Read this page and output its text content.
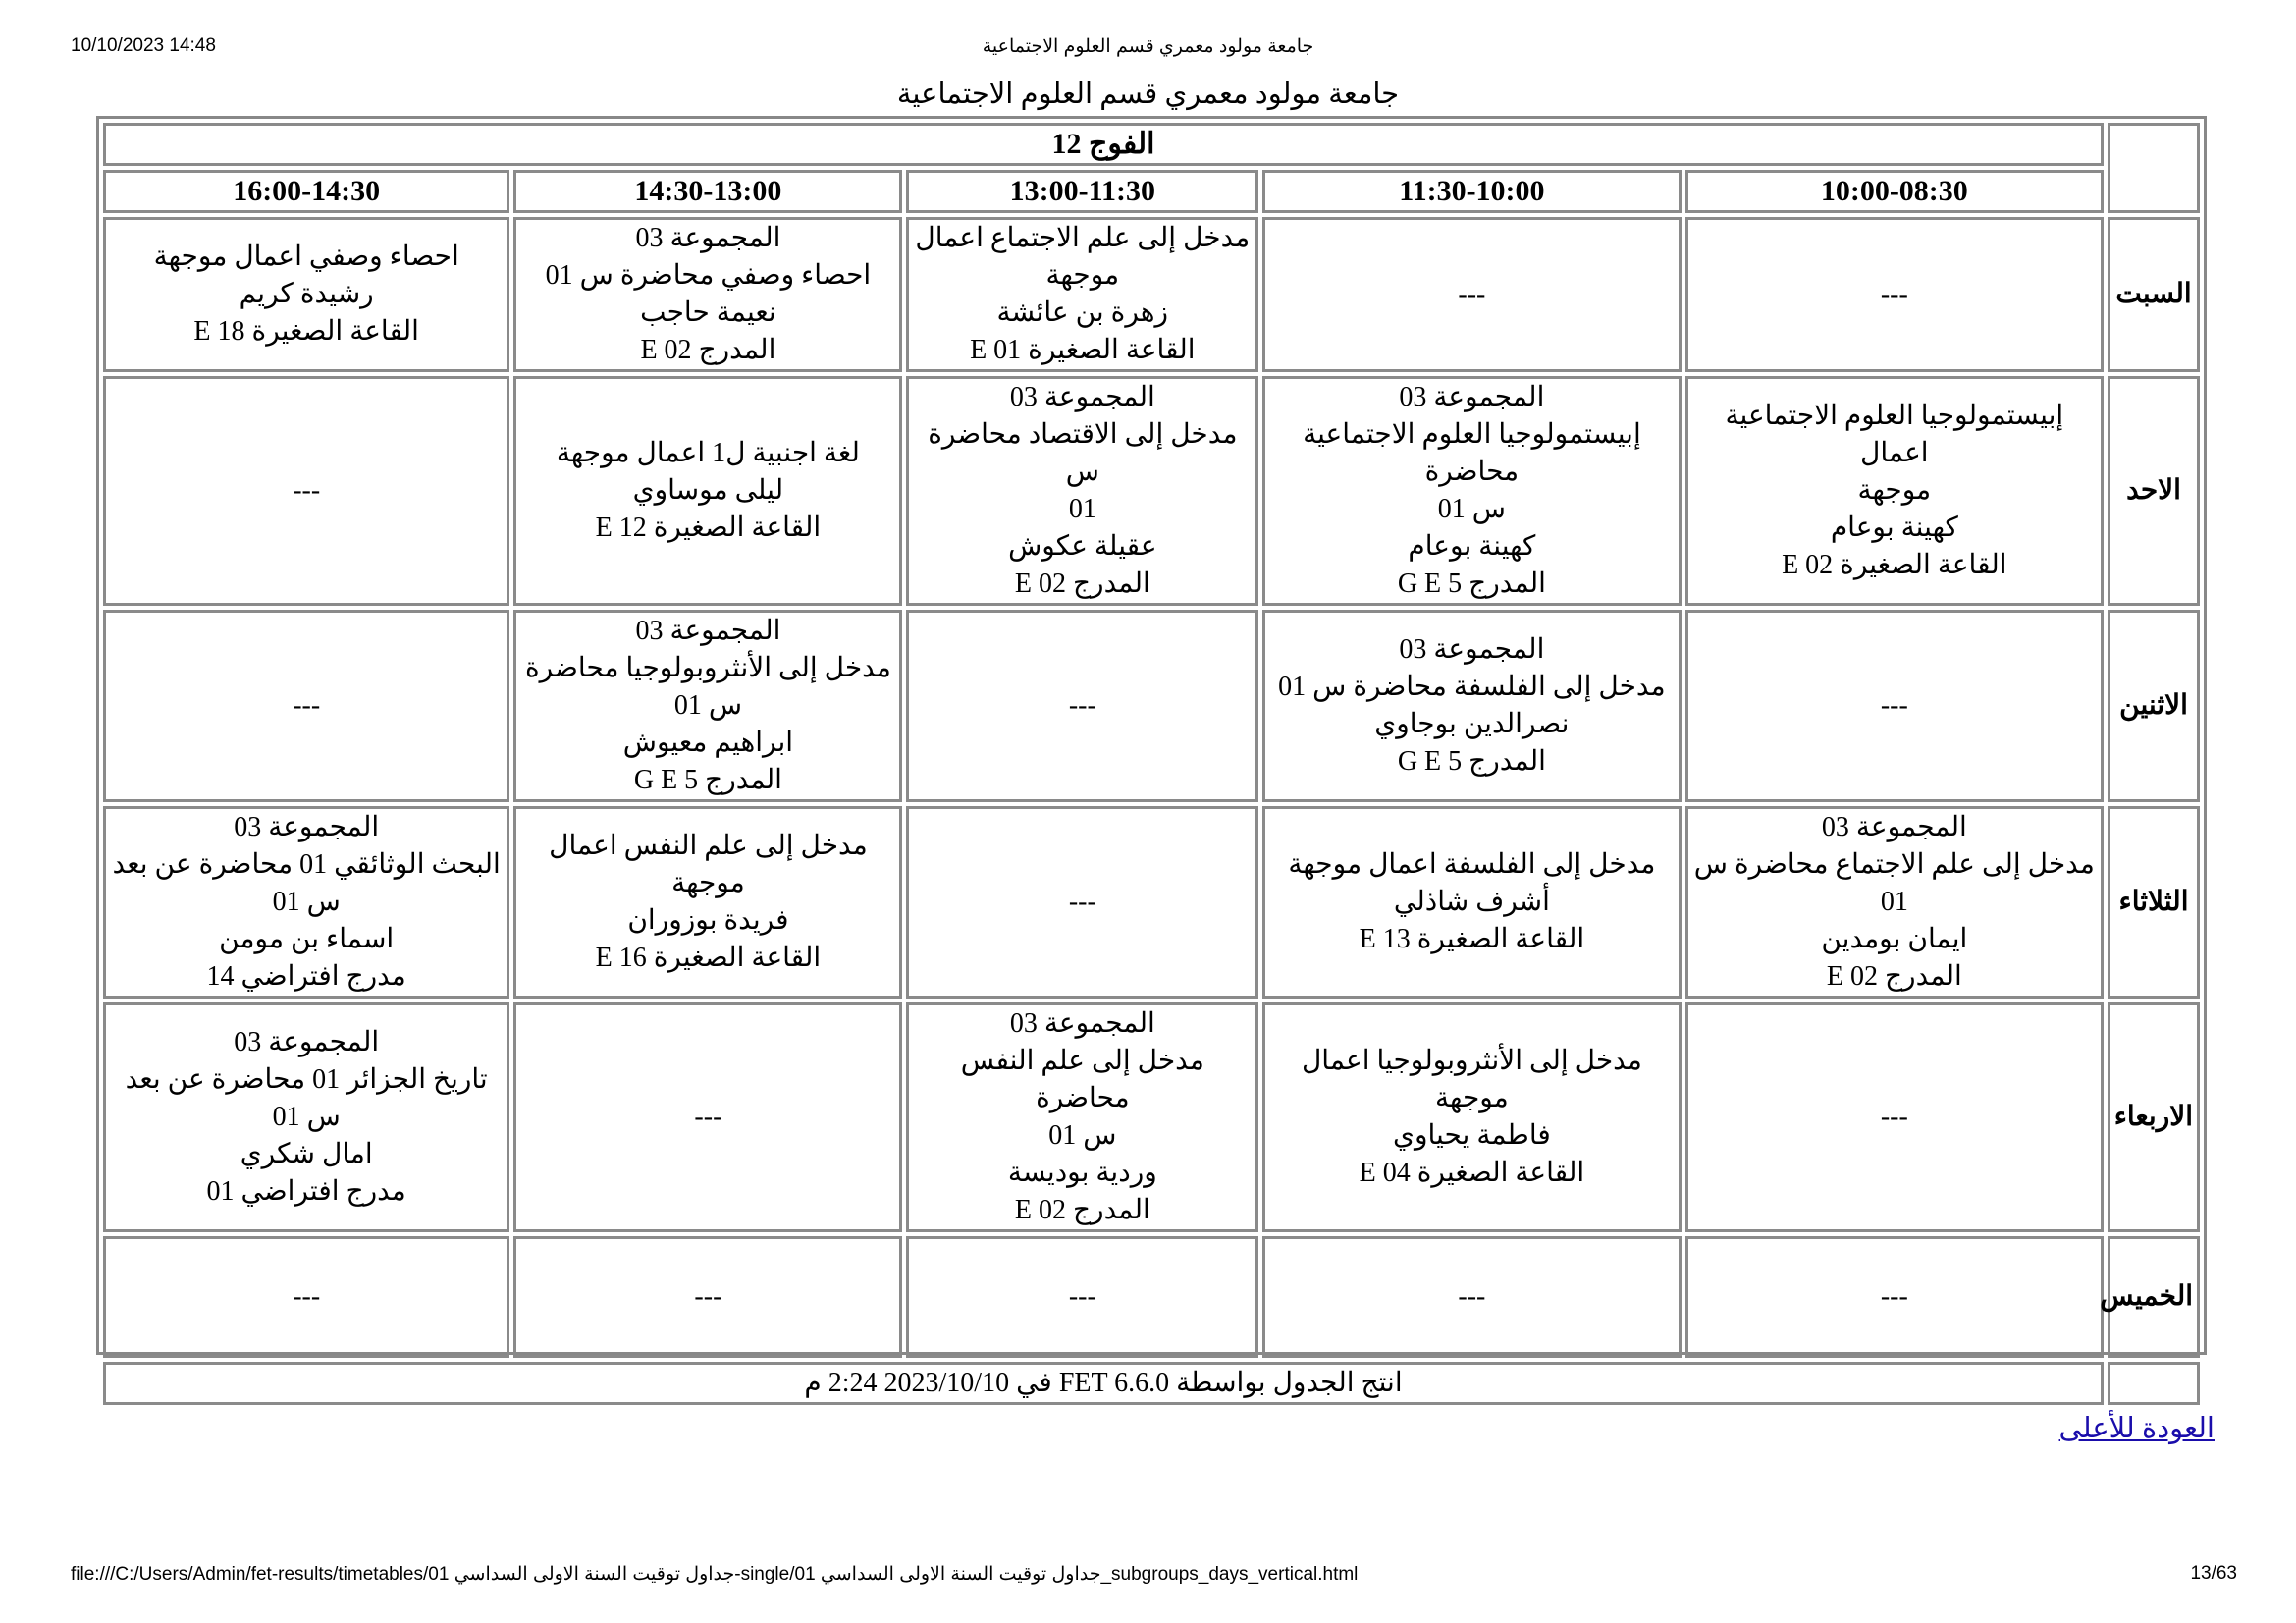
10/10/2023 14:48	جامعة مولود معمري قسم العلوم الاجتماعية
جامعة مولود معمري قسم العلوم الاجتماعية
	الفوج 12				
	10:00-08:30	11:30-10:00	13:00-11:30	14:30-13:00	16:00-14:30
السبت	---	---	مدخل إلى علم الاجتماع اعمال
موجهة
زهرة بن عائشة
القاعة الصغيرة E 01	المجموعة 03
احصاء وصفي محاضرة س 01
نعيمة حاجب
المدرج E 02	احصاء وصفي اعمال موجهة
رشيدة كريم
القاعة الصغيرة E 18

الاحد	إبيستمولوجيا العلوم الاجتماعية اعمال
موجهة
كهينة بوعام
القاعة الصغيرة E 02	المجموعة 03
إبيستمولوجيا العلوم الاجتماعية محاضرة
س 01
كهينة بوعام
المدرج G E 5	المجموعة 03
مدخل إلى الاقتصاد محاضرة س
01
عقيلة عكوش
المدرج E 02	لغة اجنبية ل1 اعمال موجهة
ليلى موساوي
القاعة الصغيرة E 12	---

الاثنين	---	المجموعة 03
مدخل إلى الفلسفة محاضرة س 01
نصرالدين بوجاوي
المدرج G E 5	---	المجموعة 03
مدخل إلى الأنثروبولوجيا محاضرة
س 01
ابراهيم معيوش
المدرج G E 5	---

الثلاثاء	المجموعة 03
مدخل إلى علم الاجتماع محاضرة س
01
ايمان بومدين
المدرج E 02	مدخل إلى الفلسفة اعمال موجهة
أشرف شاذلي
القاعة الصغيرة E 13	---	مدخل إلى علم النفس اعمال موجهة
فريدة بوزوران
القاعة الصغيرة E 16	المجموعة 03
البحث الوثائقي 01 محاضرة عن بعد
س 01
اسماء بن مومن
مدرج افتراضي 14

الاربعاء	---	مدخل إلى الأنثروبولوجيا اعمال موجهة
فاطمة يحياوي
القاعة الصغيرة E 04	المجموعة 03
مدخل إلى علم النفس محاضرة
س 01
وردية بوديسة
المدرج E 02	---	المجموعة 03
تاريخ الجزائر 01 محاضرة عن بعد
س 01
امال شكري
مدرج افتراضي 01

الخميس	---	---	---	---	---

	انتج الجدول بواسطة FET 6.6.0 في 2023/10/10 2:24 م				
العودة للأعلى
file:///C:/Users/Admin/fet-results/timetables/01 جداول توقيت السنة الاولى السداسي-single/01 جداول توقيت السنة الاولى السداسي_subgroups_days_vertical.html	13/63
